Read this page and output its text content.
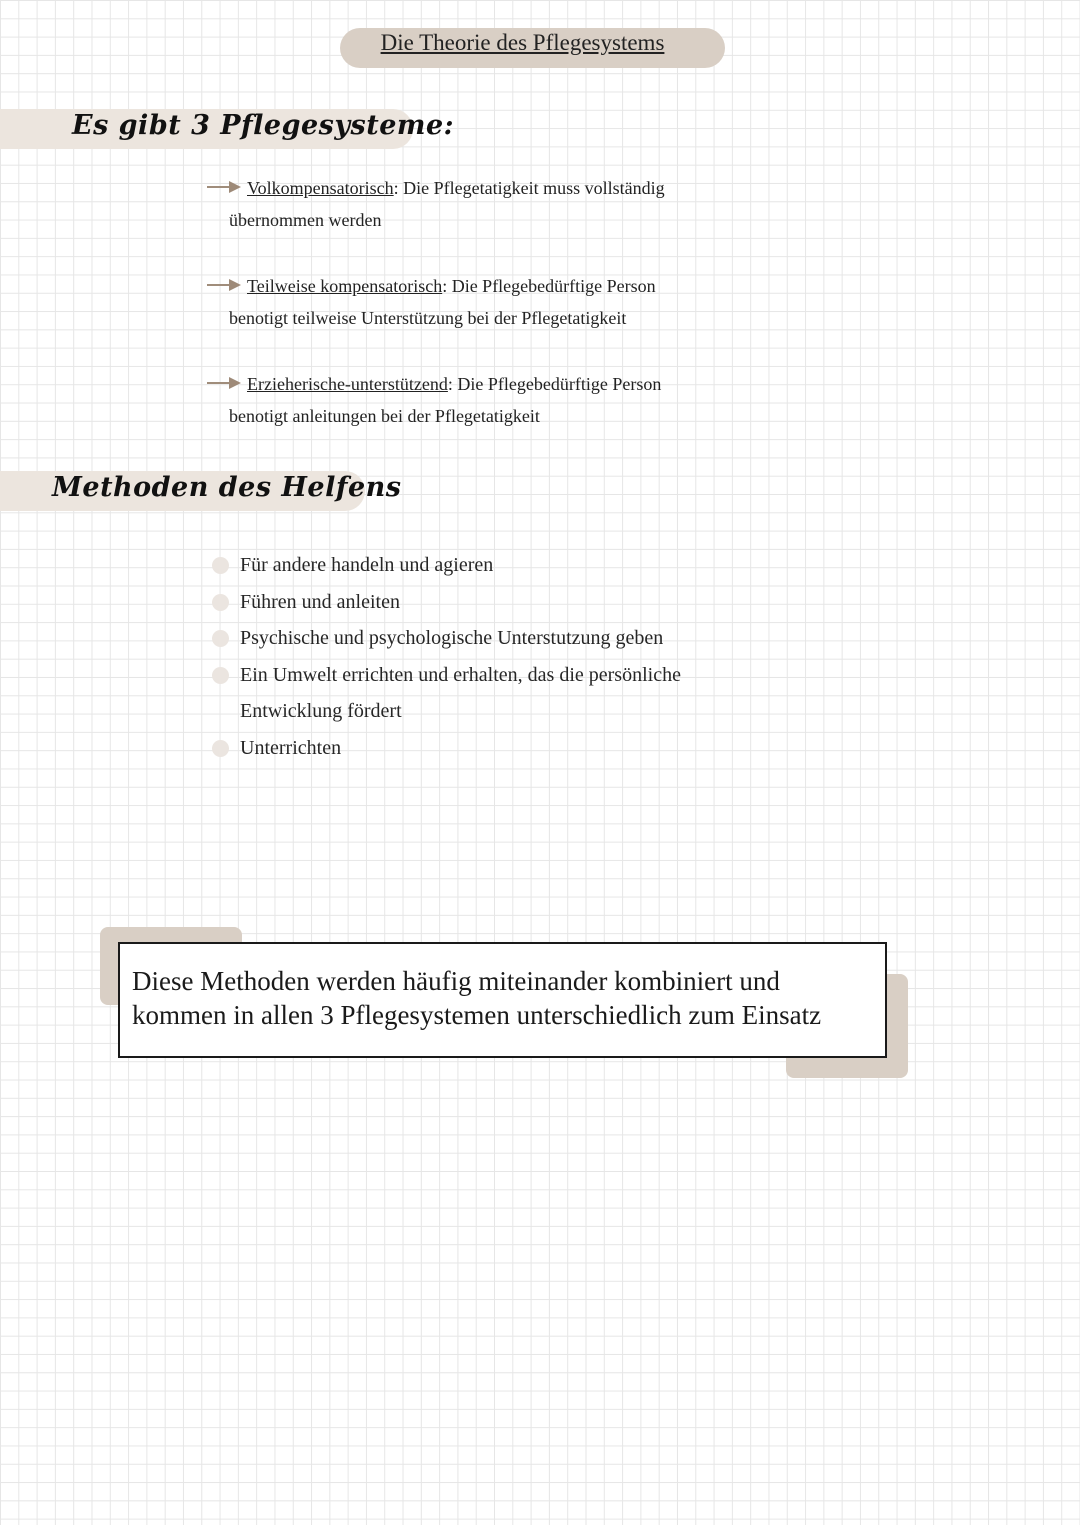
Die Theorie des Pflegesystems
Es gibt 3 Pflegesysteme:
Volkompensatorisch: Die Pflegetatigkeit muss vollständig
übernommen werden
Teilweise kompensatorisch: Die Pflegebedürftige Person
benotigt teilweise Unterstützung bei der Pflegetatigkeit
Erzieherische-unterstützend: Die Pflegebedürftige Person
benotigt anleitungen bei der Pflegetatigkeit
Methoden des Helfens
Für andere handeln und agieren
Führen und anleiten
Psychische und psychologische Unterstutzung geben
Ein Umwelt errichten und erhalten, das die persönliche Entwicklung fördert
Unterrichten
Diese Methoden werden häufig miteinander kombiniert und kommen in allen 3 Pflegesystemen unterschiedlich zum Einsatz
